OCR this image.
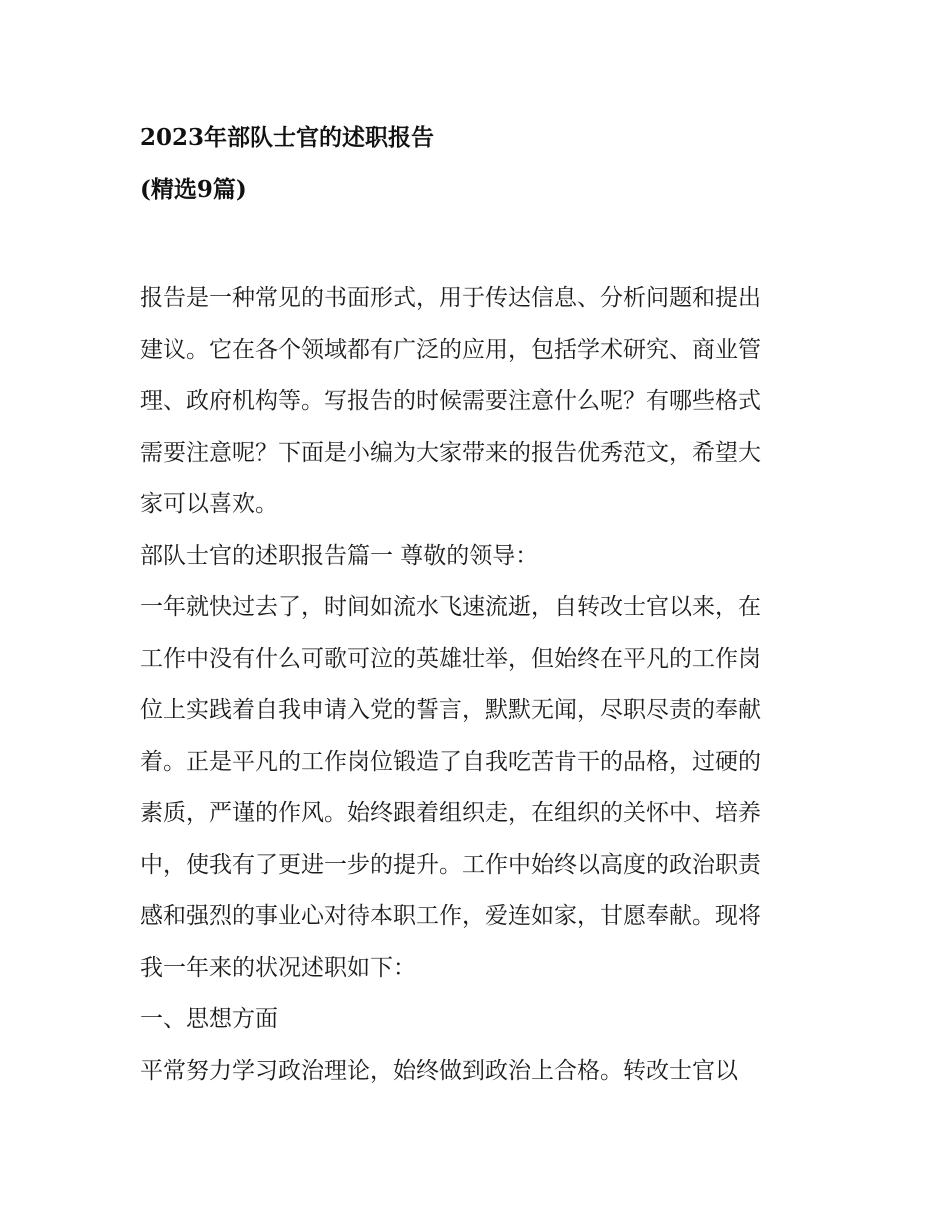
2023年部队士官的述职报告
(精选9篇)
报告是一种常见的书面形式，用于传达信息、分析问题和提出
建议。它在各个领域都有广泛的应用，包括学术研究、商业管
理、政府机构等。写报告的时候需要注意什么呢？有哪些格式
需要注意呢？下面是小编为大家带来的报告优秀范文，希望大
家可以喜欢。
部队士官的述职报告篇一 尊敬的领导：
一年就快过去了，时间如流水飞速流逝，自转改士官以来，在
工作中没有什么可歌可泣的英雄壮举，但始终在平凡的工作岗
位上实践着自我申请入党的誓言，默默无闻，尽职尽责的奉献
着。正是平凡的工作岗位锻造了自我吃苦肯干的品格，过硬的
素质，严谨的作风。始终跟着组织走，在组织的关怀中、培养
中，使我有了更进一步的提升。工作中始终以高度的政治职责
感和强烈的事业心对待本职工作，爱连如家，甘愿奉献。现将
我一年来的状况述职如下：
一、思想方面
平常努力学习政治理论，始终做到政治上合格。转改士官以
